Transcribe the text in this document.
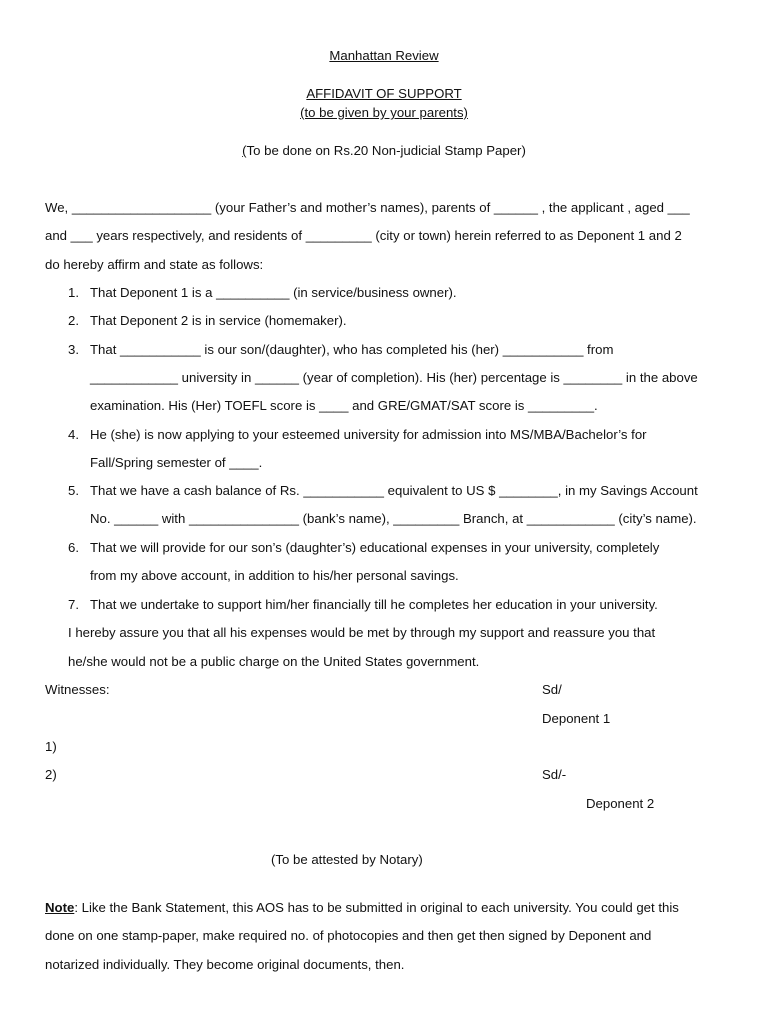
Manhattan Review
AFFIDAVIT OF SUPPORT
(to be given by your parents)
(To be done on Rs.20 Non-judicial Stamp Paper)
We, ___________________ (your Father’s and mother’s names), parents of ______ , the applicant , aged ___
and ___ years respectively, and residents of _________ (city or town) herein referred to as Deponent 1 and 2
do hereby affirm and state as follows:
1. That Deponent 1 is a __________ (in service/business owner).
2. That Deponent 2 is in service (homemaker).
3. That ___________ is our son/(daughter), who has completed his (her) ___________ from
____________ university in ______ (year of completion). His (her) percentage is ________ in the above
examination. His (Her) TOEFL score is ____ and GRE/GMAT/SAT score is _________.
4. He (she) is now applying to your esteemed university for admission into MS/MBA/Bachelor’s for
Fall/Spring semester of ____.
5. That we have a cash balance of Rs. ___________ equivalent to US $ ________, in my Savings Account
No. ______ with _______________ (bank’s name), _________ Branch, at ____________ (city’s name).
6. That we will provide for our son’s (daughter’s) educational expenses in your university, completely
from my above account, in addition to his/her personal savings.
7. That we undertake to support him/her financially till he completes her education in your university.
I hereby assure you that all his expenses would be met by through my support and reassure you that
he/she would not be a public charge on the United States government.
Witnesses:	Sd/
Deponent 1
1)
2)	Sd/-
Deponent 2
(To be attested by Notary)
Note: Like the Bank Statement, this AOS has to be submitted in original to each university. You could get this
done on one stamp-paper, make required no. of photocopies and then get then signed by Deponent and
notarized individually. They become original documents, then.
